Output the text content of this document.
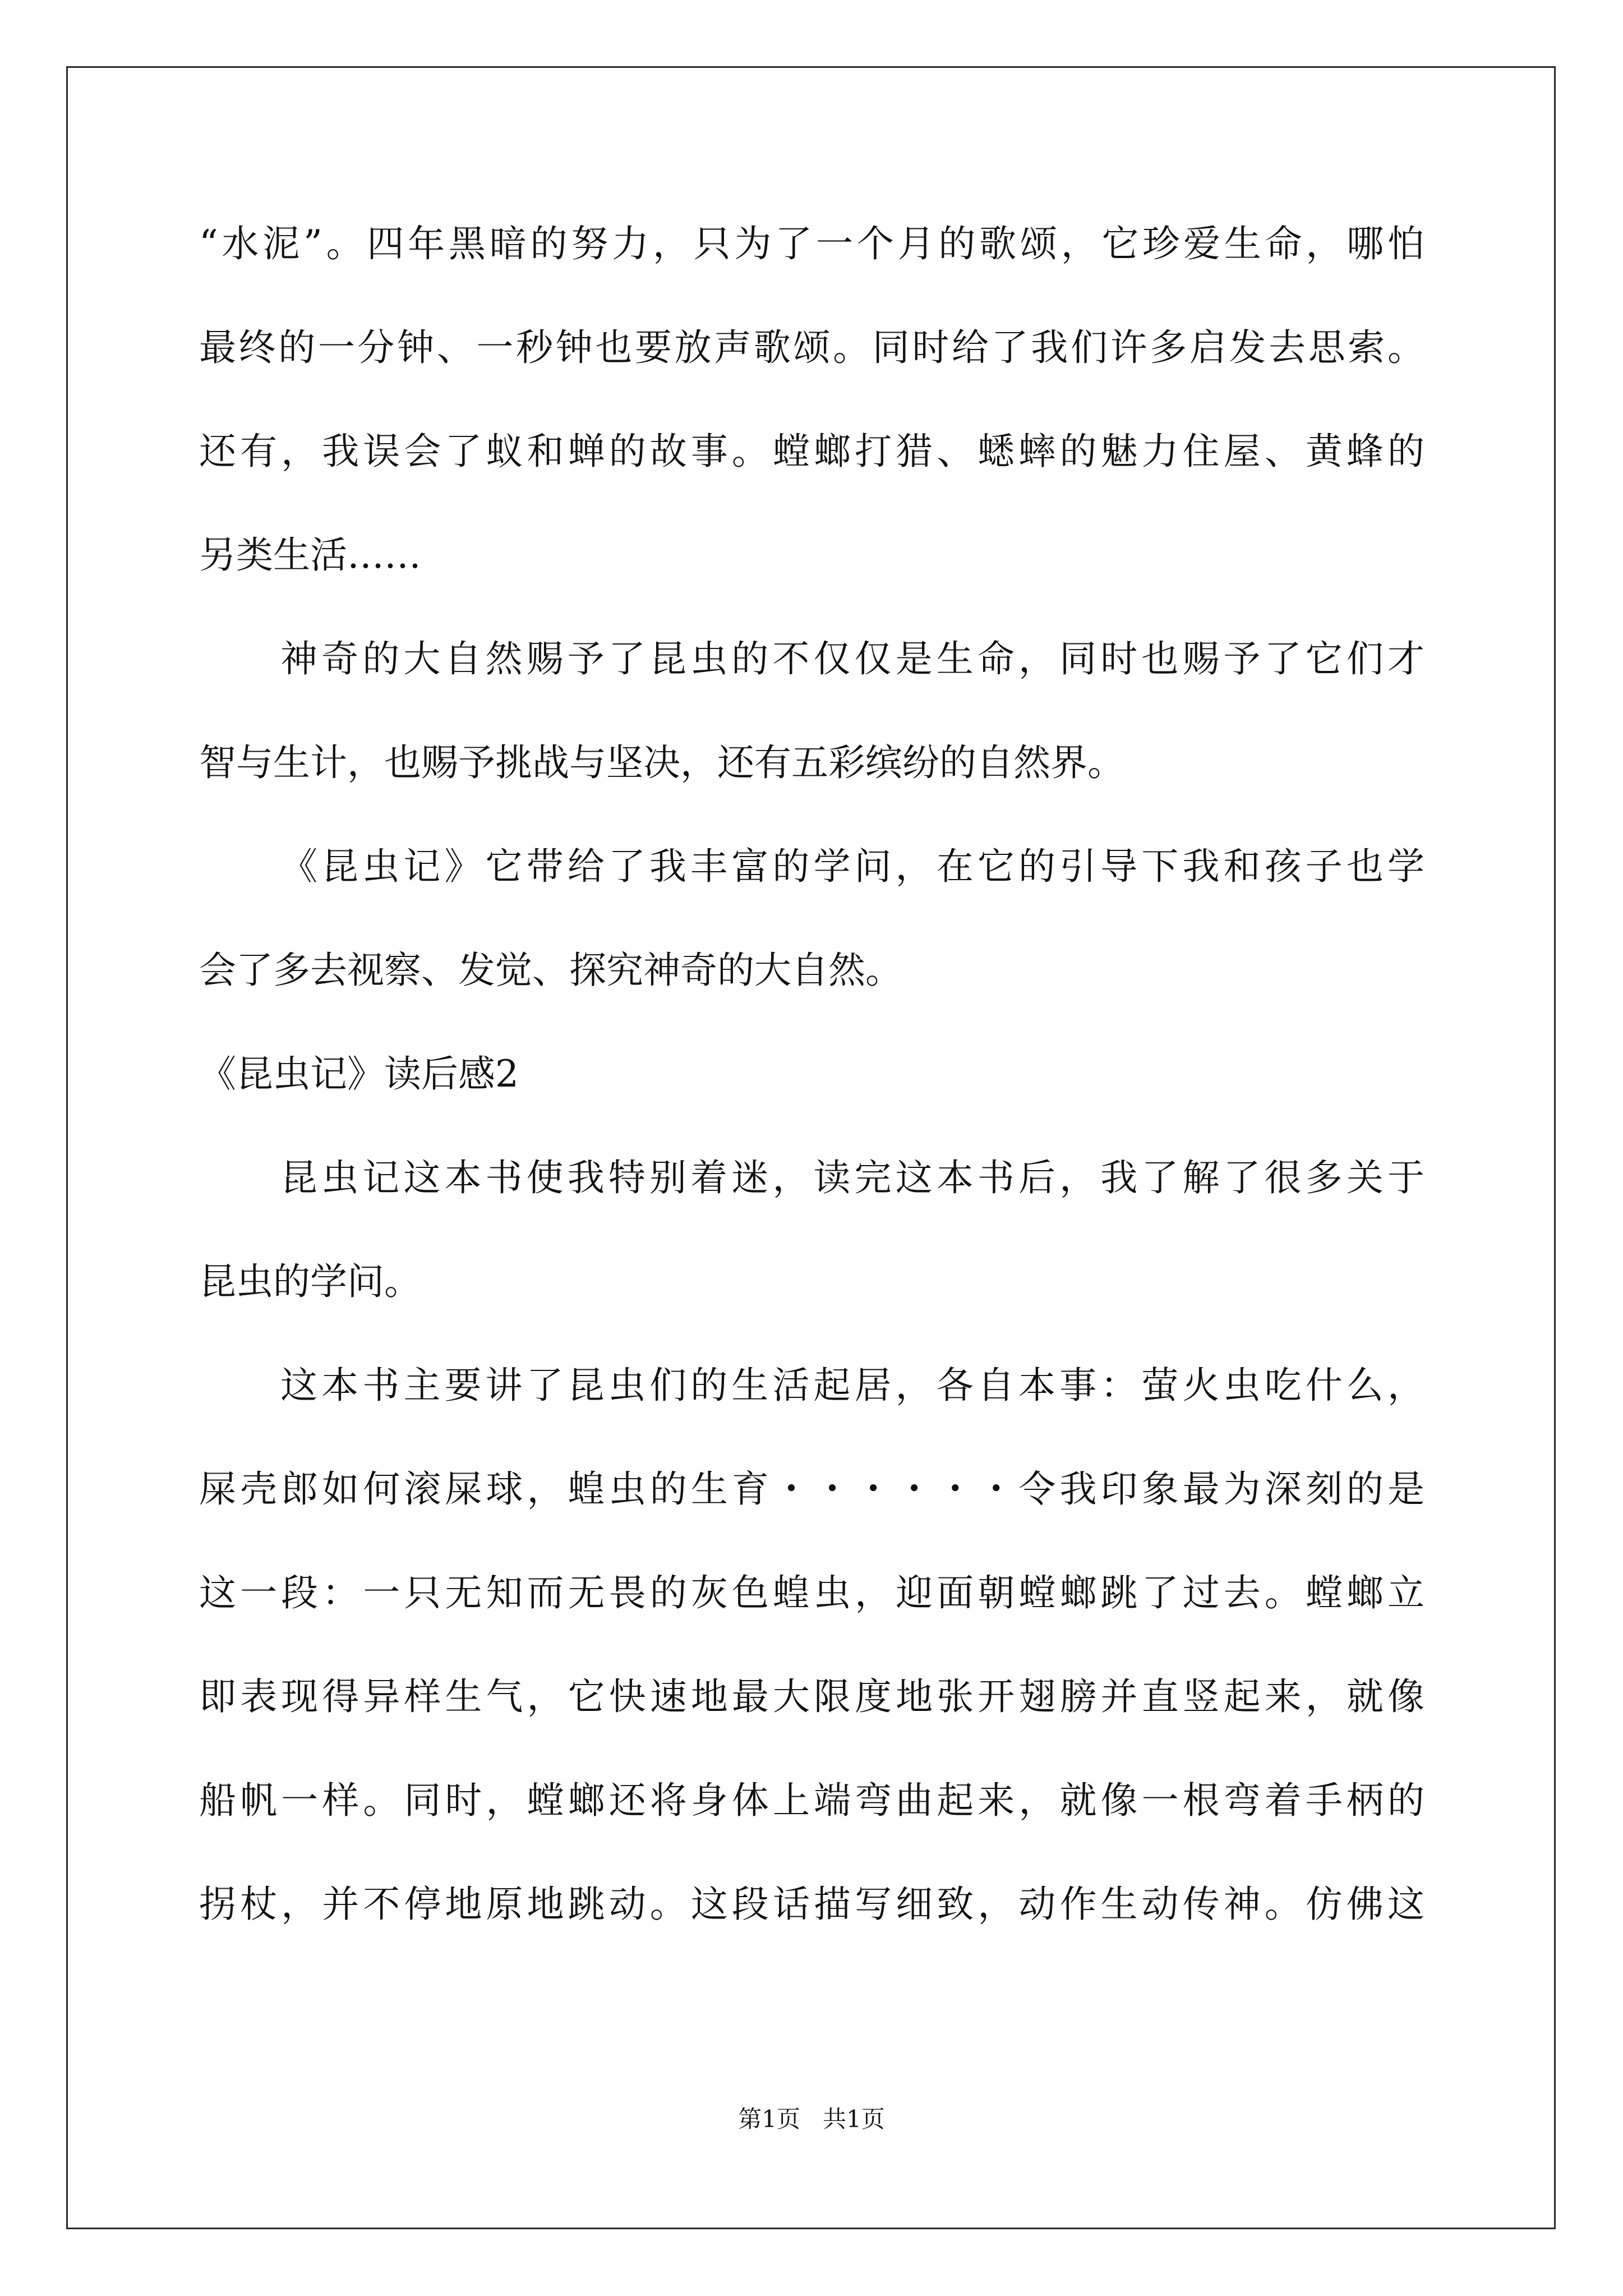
“水泥”。四年黑暗的努力，只为了一个月的歌颂，它珍爱生命，哪怕
最终的一分钟、一秒钟也要放声歌颂。同时给了我们许多启发去思索。
还有，我误会了蚁和蝉的故事。螳螂打猎、蟋蟀的魅力住屋、黄蜂的
另类生活……
神奇的大自然赐予了昆虫的不仅仅是生命，同时也赐予了它们才
智与生计，也赐予挑战与坚决，还有五彩缤纷的自然界。
《昆虫记》它带给了我丰富的学问，在它的引导下我和孩子也学
会了多去视察、发觉、探究神奇的大自然。
《昆虫记》读后感2
昆虫记这本书使我特别着迷，读完这本书后，我了解了很多关于
昆虫的学问。
这本书主要讲了昆虫们的生活起居，各自本事：萤火虫吃什么，
屎壳郎如何滚屎球，蝗虫的生育・・・・・・令我印象最为深刻的是
这一段：一只无知而无畏的灰色蝗虫，迎面朝螳螂跳了过去。螳螂立
即表现得异样生气，它快速地最大限度地张开翅膀并直竖起来，就像
船帆一样。同时，螳螂还将身体上端弯曲起来，就像一根弯着手柄的
拐杖，并不停地原地跳动。这段话描写细致，动作生动传神。仿佛这
第1页   共1页
